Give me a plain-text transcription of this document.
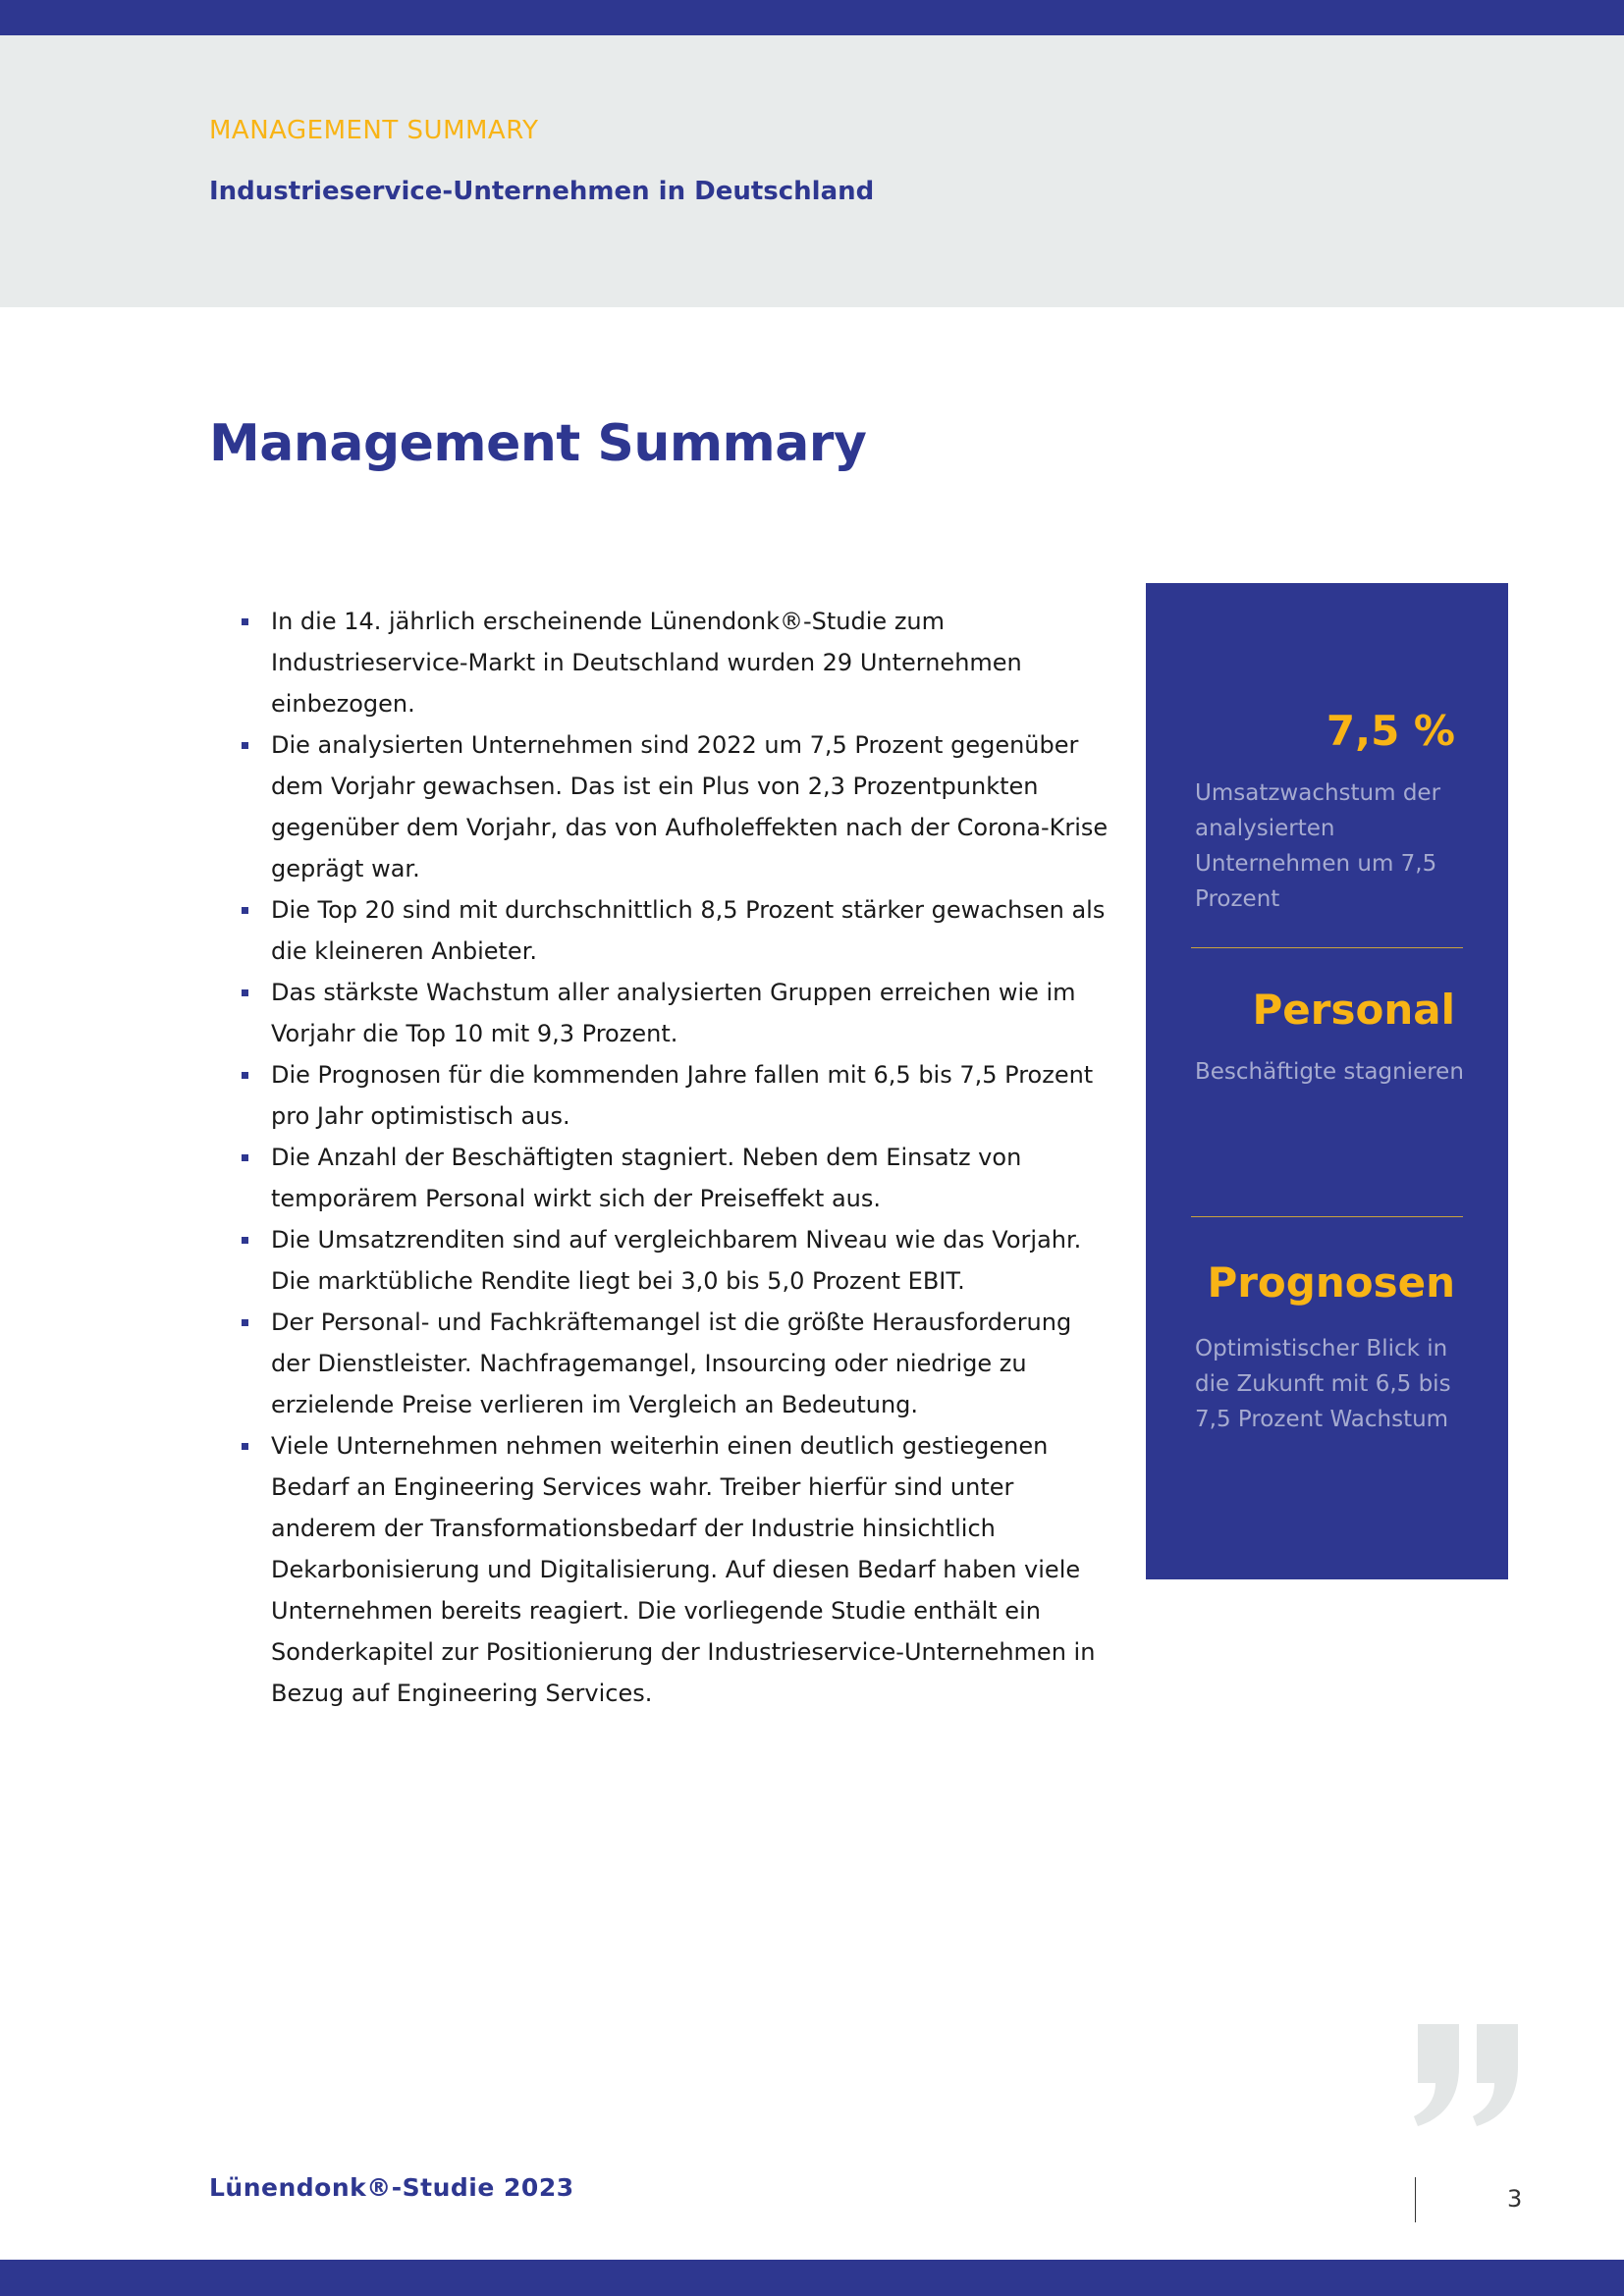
MANAGEMENT SUMMARY
Industrieservice-Unternehmen in Deutschland
Management Summary
In die 14. jährlich erscheinende Lünendonk®-Studie zum Industrieservice-Markt in Deutschland wurden 29 Unternehmen einbezogen.
Die analysierten Unternehmen sind 2022 um 7,5 Prozent gegenüber dem Vorjahr gewachsen. Das ist ein Plus von 2,3 Prozentpunkten gegenüber dem Vorjahr, das von Aufholeffekten nach der Corona-Krise geprägt war.
Die Top 20 sind mit durchschnittlich 8,5 Prozent stärker gewachsen als die kleineren Anbieter.
Das stärkste Wachstum aller analysierten Gruppen erreichen wie im Vorjahr die Top 10 mit 9,3 Prozent.
Die Prognosen für die kommenden Jahre fallen mit 6,5 bis 7,5 Prozent pro Jahr optimistisch aus.
Die Anzahl der Beschäftigten stagniert. Neben dem Einsatz von temporärem Personal wirkt sich der Preiseffekt aus.
Die Umsatzrenditen sind auf vergleichbarem Niveau wie das Vorjahr. Die marktübliche Rendite liegt bei 3,0 bis 5,0 Prozent EBIT.
Der Personal- und Fachkräftemangel ist die größte Herausforderung der Dienstleister. Nachfragemangel, Insourcing oder niedrige zu erzielende Preise verlieren im Vergleich an Bedeutung.
Viele Unternehmen nehmen weiterhin einen deutlich gestiegenen Bedarf an Engineering Services wahr. Treiber hierfür sind unter anderem der Transformationsbedarf der Industrie hinsichtlich Dekarbonisierung und Digitalisierung. Auf diesen Bedarf haben viele Unternehmen bereits reagiert. Die vorliegende Studie enthält ein Sonderkapitel zur Positionierung der Industrieservice-Unternehmen in Bezug auf Engineering Services.
7,5 %
Umsatzwachstum der analysierten Unternehmen um 7,5 Prozent
Personal
Beschäftigte stagnieren
Prognosen
Optimistischer Blick in die Zukunft mit 6,5 bis 7,5 Prozent Wachstum
Lünendonk®-Studie 2023	3
